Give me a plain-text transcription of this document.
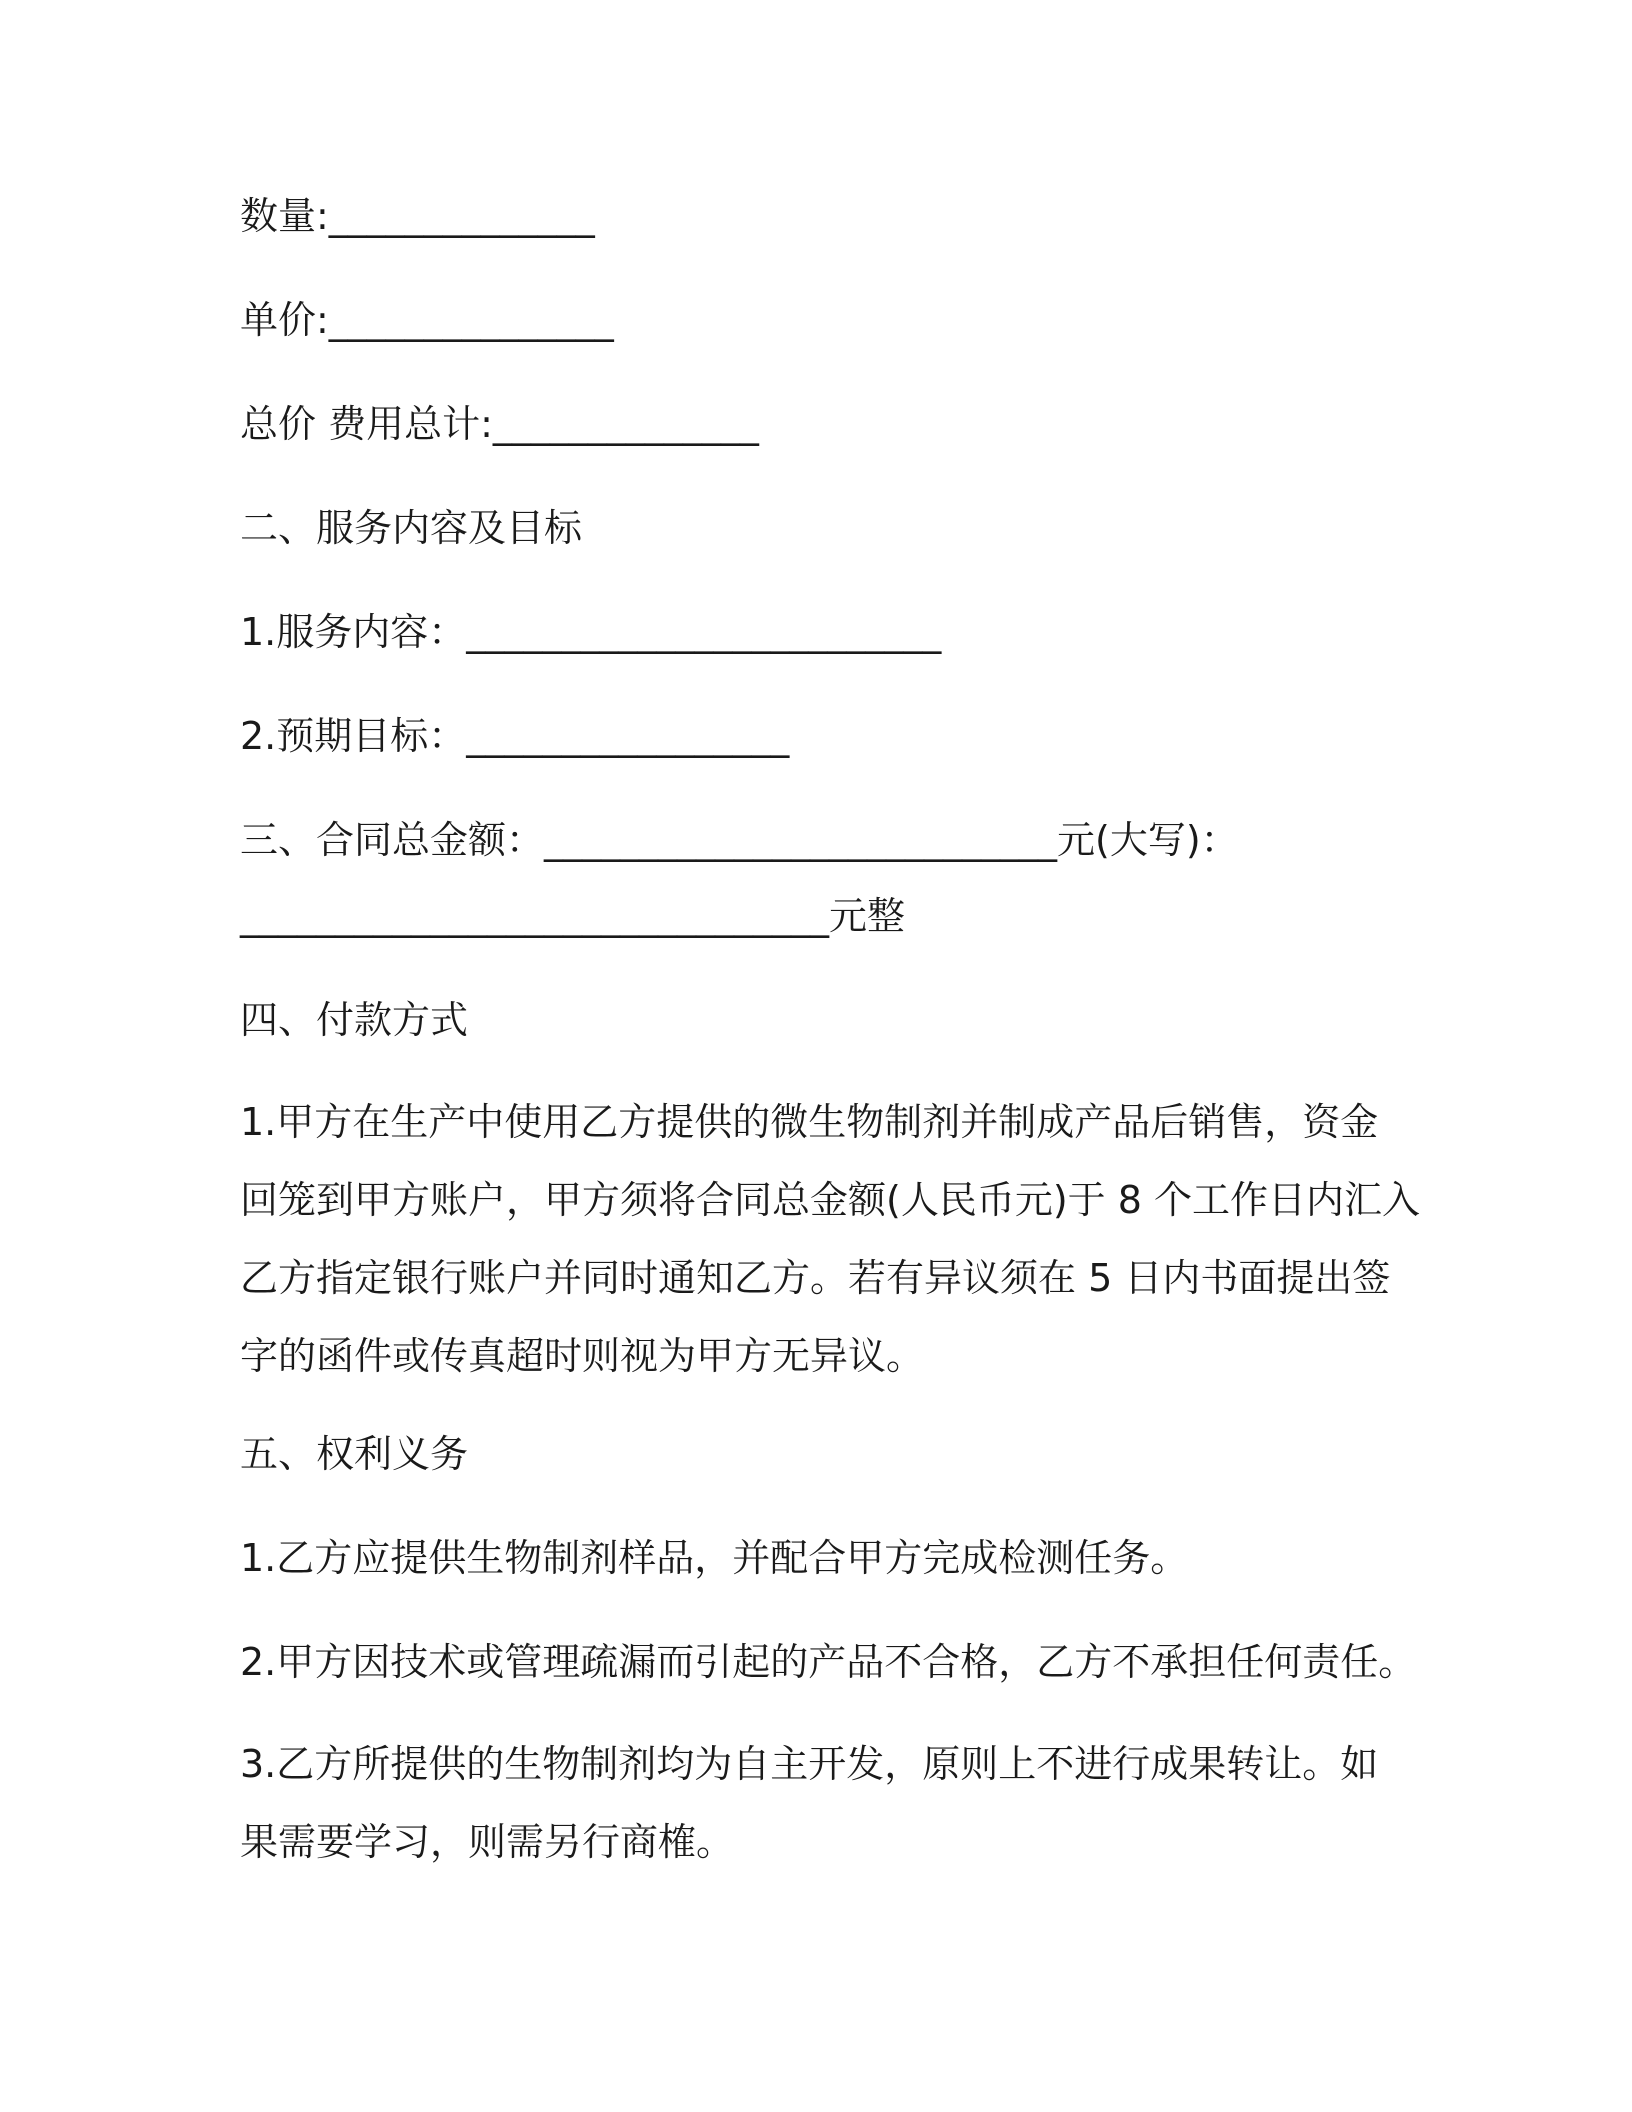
数量:______________

单价:_______________

总价 费用总计:______________

二、服务内容及目标

1.服务内容：_________________________

2.预期目标：_________________

三、合同总金额：___________________________元(大写)：

_______________________________元整

四、付款方式

1.甲方在生产中使用乙方提供的微生物制剂并制成产品后销售，资金
回笼到甲方账户，甲方须将合同总金额(人民币元)于 8 个工作日内汇入
乙方指定银行账户并同时通知乙方。若有异议须在 5 日内书面提出签
字的函件或传真超时则视为甲方无异议。

五、权利义务

1.乙方应提供生物制剂样品，并配合甲方完成检测任务。

2.甲方因技术或管理疏漏而引起的产品不合格，乙方不承担任何责任。

3.乙方所提供的生物制剂均为自主开发，原则上不进行成果转让。如
果需要学习，则需另行商榷。
